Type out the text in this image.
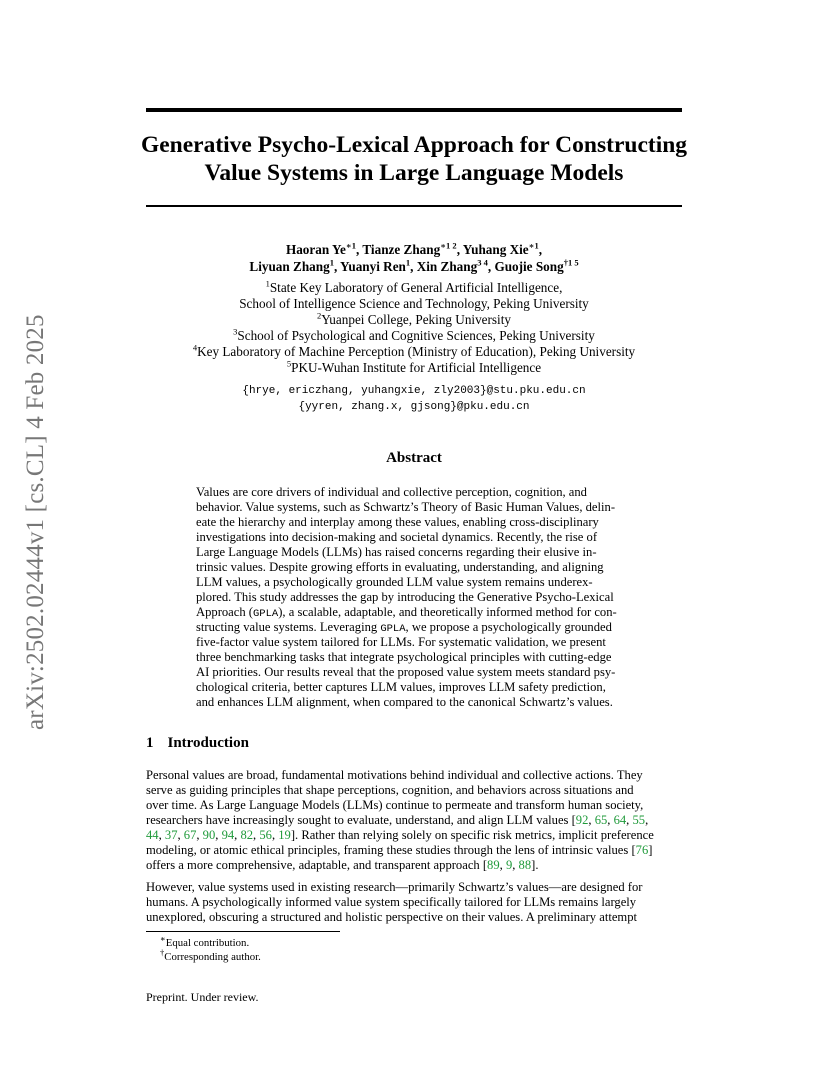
arXiv:2502.02444v1 [cs.CL] 4 Feb 2025
Generative Psycho-Lexical Approach for Constructing
Value Systems in Large Language Models
Haoran $Ye^{∗1}$, Tianze Zhang$^{∗1 2}$, Yuhang Xie$^{∗1}$,
Liyuan Zhang$^1$, Yuanyi Ren$^1$, Xin Zhang$^{3 4}$, Guojie Song$^{\dagger 1 5}$
$^1$State Key Laboratory of General Artificial Intelligence,
School of Intelligence Science and Technology, Peking University
$^2$Yuanpei College, Peking University
$^3$School of Psychological and Cognitive Sciences, Peking University
$^4$Key Laboratory of Machine Perception (Ministry of Education), Peking University
$^5$PKU-Wuhan Institute for Artificial Intelligence
{hrye, ericzhang, yuhangxie, zly2003}@stu.pku.edu.cn
{yyren, zhang.x, gjsong}@pku.edu.cn
Abstract
Values are core drivers of individual and collective perception, cognition, and
behavior. Value systems, such as Schwartz’s Theory of Basic Human Values, delin-
eate the hierarchy and interplay among these values, enabling cross-disciplinary
investigations into decision-making and societal dynamics. Recently, the rise of
Large Language Models (LLMs) has raised concerns regarding their elusive in-
trinsic values. Despite growing efforts in evaluating, understanding, and aligning
LLM values, a psychologically grounded LLM value system remains underex-
plored. This study addresses the gap by introducing the Generative Psycho-Lexical
Approach (GPLA), a scalable, adaptable, and theoretically informed method for con-
structing value systems. Leveraging GPLA, we propose a psychologically grounded
five-factor value system tailored for LLMs. For systematic validation, we present
three benchmarking tasks that integrate psychological principles with cutting-edge
AI priorities. Our results reveal that the proposed value system meets standard psy-
chological criteria, better captures LLM values, improves LLM safety prediction,
and enhances LLM alignment, when compared to the canonical Schwartz’s values.
1 Introduction
Personal values are broad, fundamental motivations behind individual and collective actions. They
serve as guiding principles that shape perceptions, cognition, and behaviors across situations and
over time. As Large Language Models (LLMs) continue to permeate and transform human society,
researchers have increasingly sought to evaluate, understand, and align LLM values [92, 65, 64, 55,
44, 37, 67, 90, 94, 82, 56, 19]. Rather than relying solely on specific risk metrics, implicit preference
modeling, or atomic ethical principles, framing these studies through the lens of intrinsic values [76]
offers a more comprehensive, adaptable, and transparent approach [89, 9, 88].
However, value systems used in existing research—primarily Schwartz’s values—are designed for
humans. A psychologically informed value system specifically tailored for LLMs remains largely
unexplored, obscuring a structured and holistic perspective on their values. A preliminary attempt
∗Equal contribution.
†Corresponding author.
Preprint. Under review.
